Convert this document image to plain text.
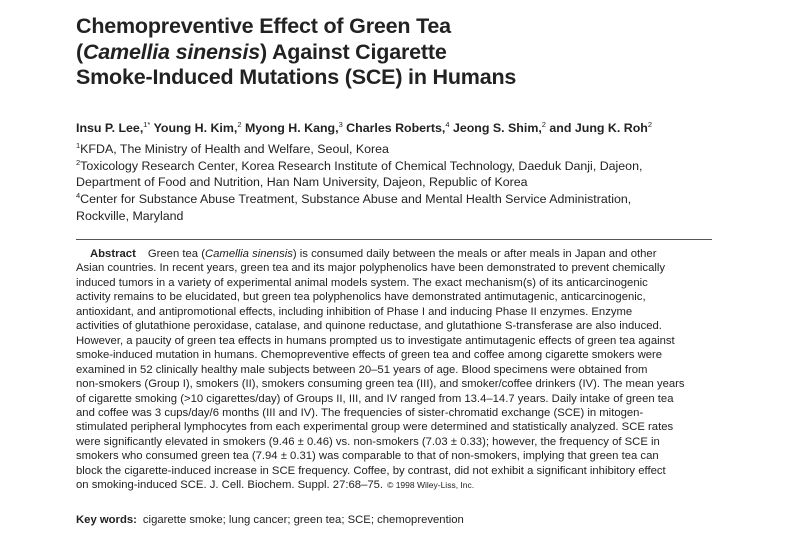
Chemopreventive Effect of Green Tea
(Camellia sinensis) Against Cigarette
Smoke-Induced Mutations (SCE) in Humans
Insu P. Lee,$^{1*}$ Young H. Kim,$^2$ Myong H. Kang,$^3$ Charles Roberts,$^4$ Jeong S. Shim,$^2$ and Jung K. Roh$^2$
$^1$KFDA, The Ministry of Health and Welfare, Seoul, Korea
$^2$Toxicology Research Center, Korea Research Institute of Chemical Technology, Daeduk Danji, Dajeon,
Department of Food and Nutrition, Han Nam University, Dajeon, Republic of Korea
$^4$Center for Substance Abuse Treatment, Substance Abuse and Mental Health Service Administration,
Rockville, Maryland
Abstract Green tea (Camellia sinensis) is consumed daily between the meals or after meals in Japan and other
Asian countries. In recent years, green tea and its major polyphenolics have been demonstrated to prevent chemically
induced tumors in a variety of experimental animal models system. The exact mechanism(s) of its anticarcinogenic
activity remains to be elucidated, but green tea polyphenolics have demonstrated antimutagenic, anticarcinogenic,
antioxidant, and antipromotional effects, including inhibition of Phase I and inducing Phase II enzymes. Enzyme
activities of glutathione peroxidase, catalase, and quinone reductase, and glutathione S-transferase are also induced.
However, a paucity of green tea effects in humans prompted us to investigate antimutagenic effects of green tea against
smoke-induced mutation in humans. Chemopreventive effects of green tea and coffee among cigarette smokers were
examined in 52 clinically healthy male subjects between 20–51 years of age. Blood specimens were obtained from
non-smokers (Group I), smokers (II), smokers consuming green tea (III), and smoker/coffee drinkers (IV). The mean years
of cigarette smoking (>10 cigarettes/day) of Groups II, III, and IV ranged from 13.4–14.7 years. Daily intake of green tea
and coffee was 3 cups/day/6 months (III and IV). The frequencies of sister-chromatid exchange (SCE) in mitogen-
stimulated peripheral lymphocytes from each experimental group were determined and statistically analyzed. SCE rates
were significantly elevated in smokers (9.46 ± 0.46) vs. non-smokers (7.03 ± 0.33); however, the frequency of SCE in
smokers who consumed green tea (7.94 ± 0.31) was comparable to that of non-smokers, implying that green tea can
block the cigarette-induced increase in SCE frequency. Coffee, by contrast, did not exhibit a significant inhibitory effect
on smoking-induced SCE. J. Cell. Biochem. Suppl. 27:68–75. © 1998 Wiley-Liss, Inc.
Key words: cigarette smoke; lung cancer; green tea; SCE; chemoprevention
